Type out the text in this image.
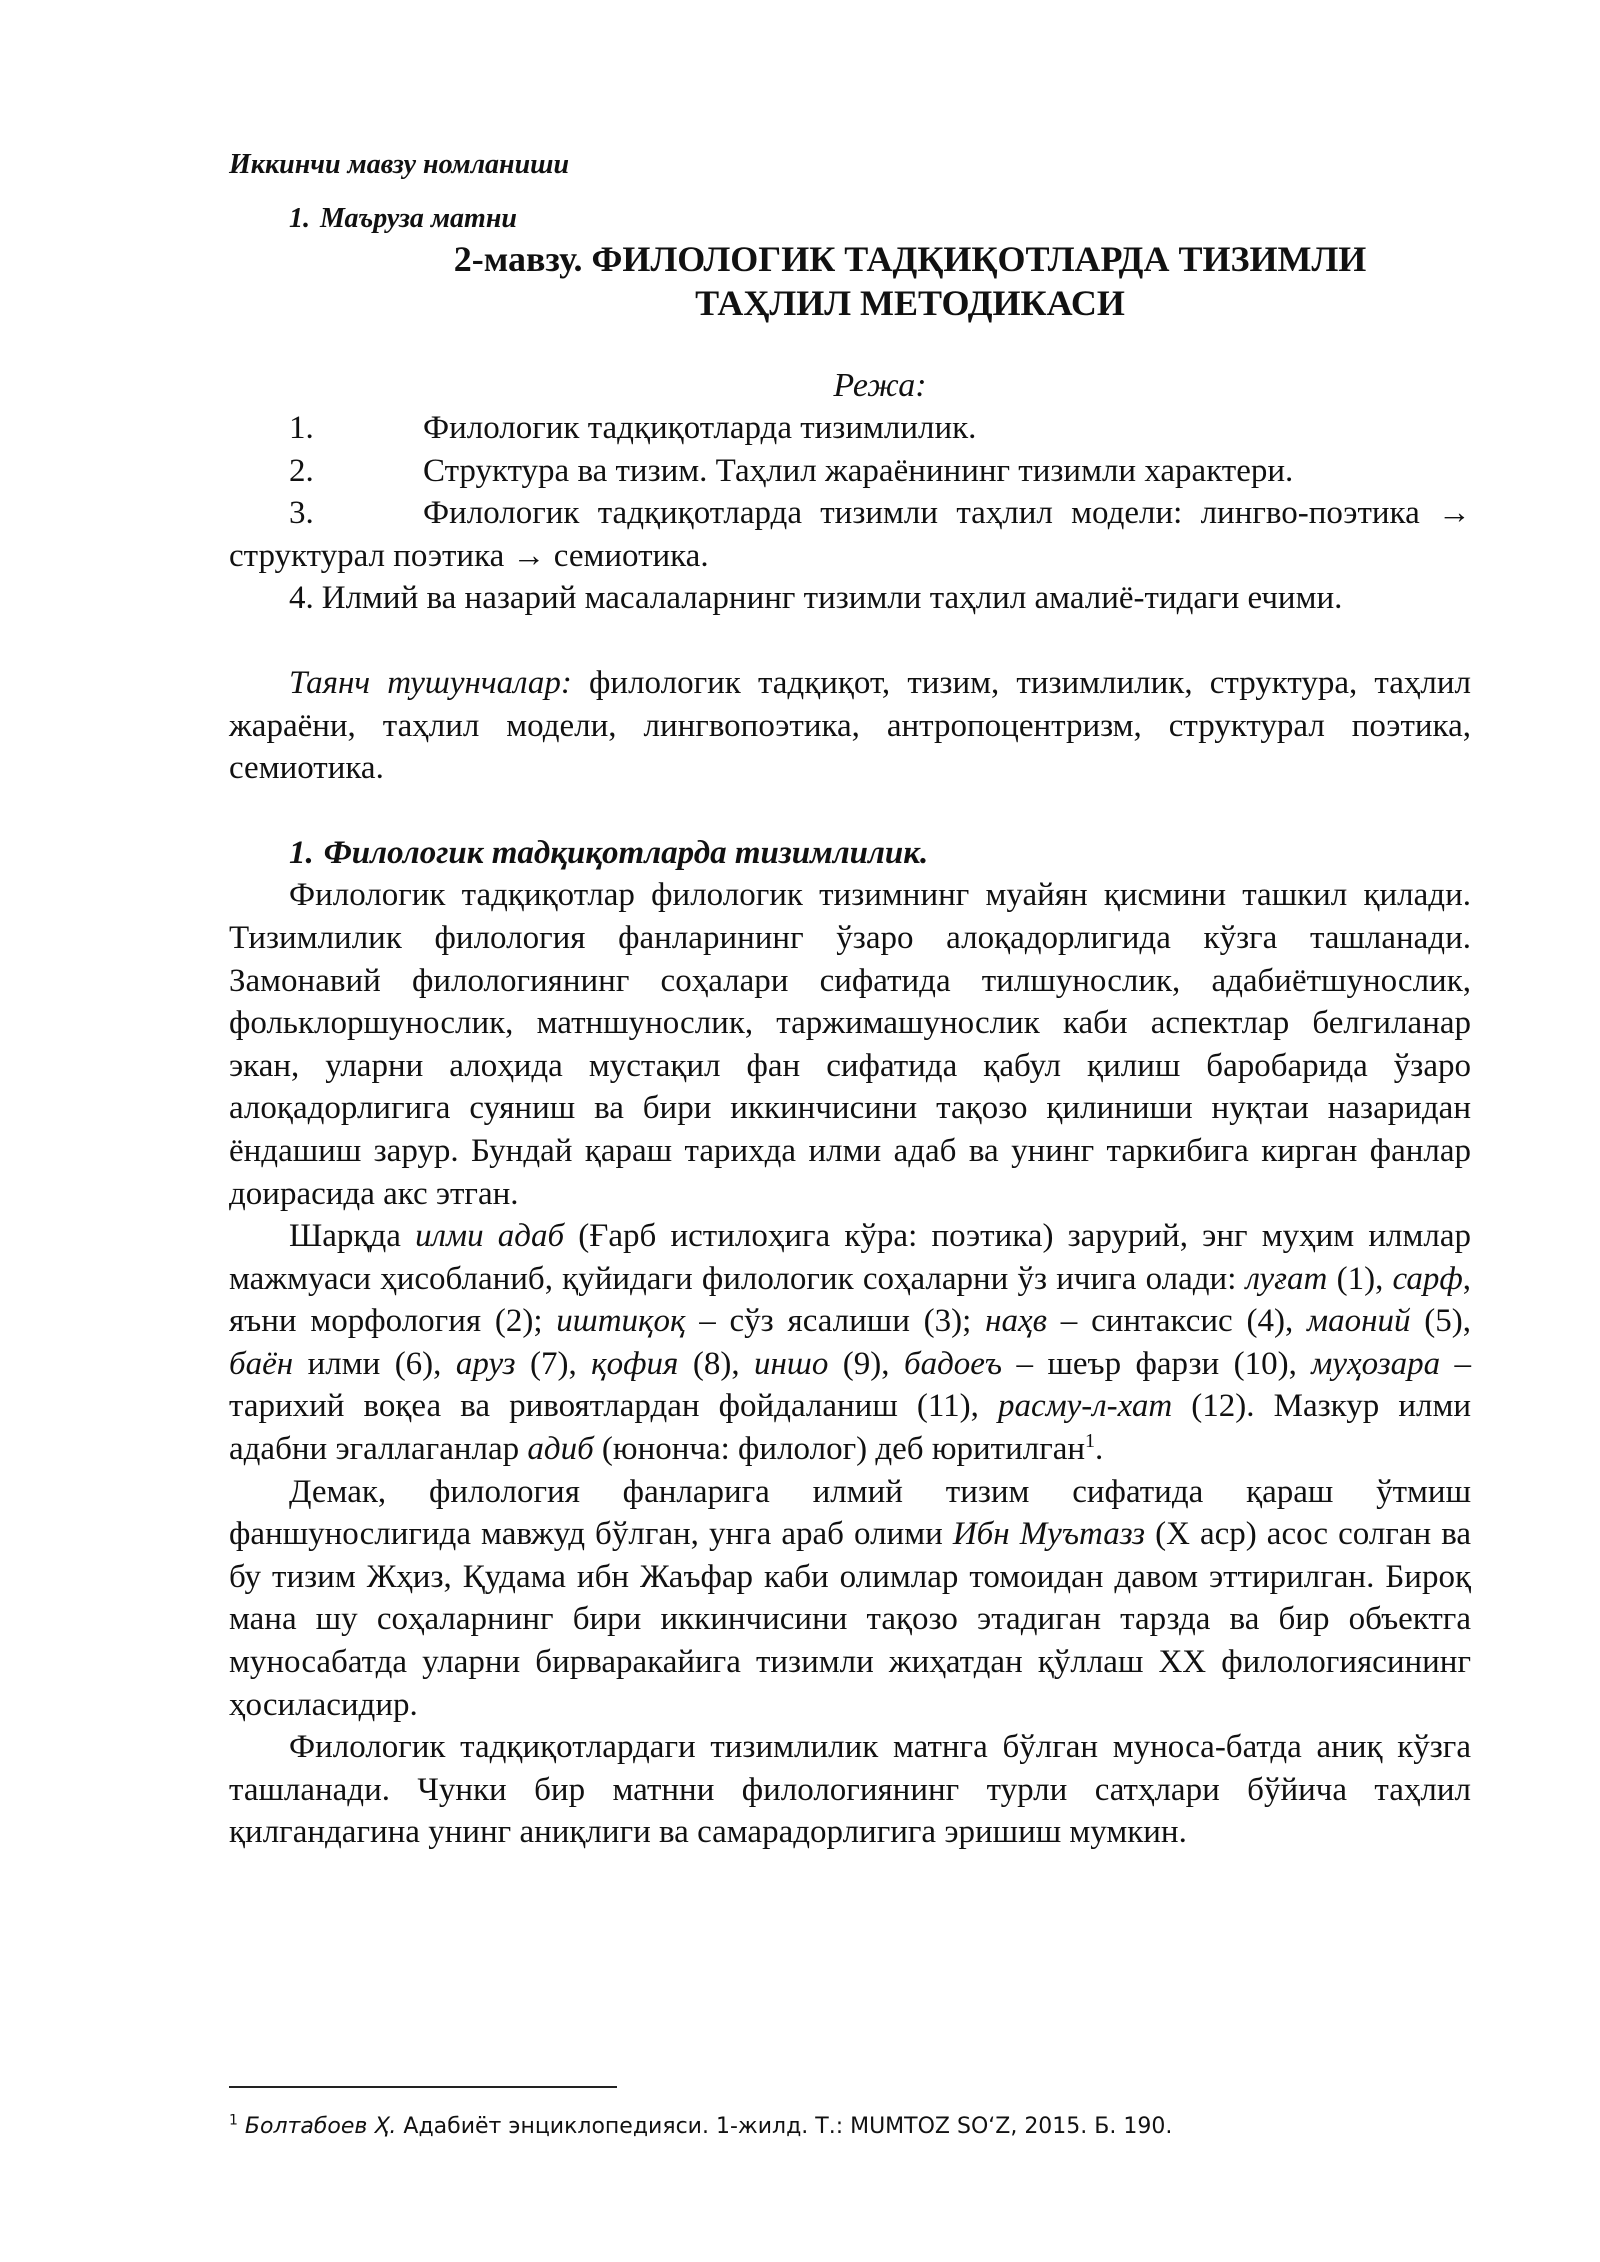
Иккинчи мавзу номланиши
1. Маъруза матни
2-мавзу. ФИЛОЛОГИК ТАДҚИҚОТЛАРДА ТИЗИМЛИ
ТАҲЛИЛ МЕТОДИКАСИ
Режа:
1.	Филологик тадқиқотларда тизимлилик.
2.	Структура ва тизим. Таҳлил жараёнининг тизимли характери.
3.	Филологик тадқиқотларда тизимли таҳлил модели: лингво-поэтика → структурал поэтика → семиотика.
4. Илмий ва назарий масалаларнинг тизимли таҳлил амалиё-тидаги ечими.
Таянч тушунчалар: филологик тадқиқот, тизим, тизимлилик, структура, таҳлил жараёни, таҳлил модели, лингвопоэтика, антропоцентризм, структурал поэтика, семиотика.
1. Филологик тадқиқотларда тизимлилик.
Филологик тадқиқотлар филологик тизимнинг муайян қисмини ташкил қилади. Тизимлилик филология фанларининг ўзаро алоқадорлигида кўзга ташланади. Замонавий филологиянинг соҳалари сифатида тилшунослик, адабиётшунослик, фольклоршунослик, матншунослик, таржимашунослик каби аспектлар белгиланар экан, уларни алоҳида мустақил фан сифатида қабул қилиш баробарида ўзаро алоқадорлигига суяниш ва бири иккинчисини тақозо қилиниши нуқтаи назаридан ёндашиш зарур. Бундай қараш тарихда илми адаб ва унинг таркибига кирган фанлар доирасида акс этган.
Шарқда илми адаб (Ғарб истилоҳига кўра: поэтика) зарурий, энг муҳим илмлар мажмуаси ҳисобланиб, қуйидаги филологик соҳаларни ўз ичига олади: луғат (1), сарф, яъни морфология (2); иштиқоқ – сўз ясалиши (3); наҳв – синтаксис (4), маоний (5), баён илми (6), аруз (7), қофия (8), иншо (9), бадоеъ – шеър фарзи (10), муҳозара – тарихий воқеа ва ривоятлардан фойдаланиш (11), расму-л-хат (12). Мазкур илми адабни эгаллаганлар адиб (юнонча: филолог) деб юритилган$^1$.
Демак, филология фанларига илмий тизим сифатида қараш ўтмиш фаншунослигида мавжуд бўлган, унга араб олими Ибн Муътазз (X аср) асос солган ва бу тизим Жҳиз, Қудама ибн Жаъфар каби олимлар томоидан давом эттирилган. Бироқ мана шу соҳаларнинг бири иккинчисини тақозо этадиган тарзда ва бир объектга муносабатда уларни бирваракайига тизимли жиҳатдан қўллаш XX филологиясининг ҳосиласидир.
Филологик тадқиқотлардаги тизимлилик матнга бўлган муноса-батда аниқ кўзга ташланади. Чунки бир матнни филологиянинг турли сатҳлари бўйича таҳлил қилгандагина унинг аниқлиги ва самарадорлигига эришиш мумкин.
$^1$ Болтабоев Ҳ. Адабиёт энциклопедияси. 1-жилд. Т.: MUMTOZ SO‘Z, 2015. Б. 190.
